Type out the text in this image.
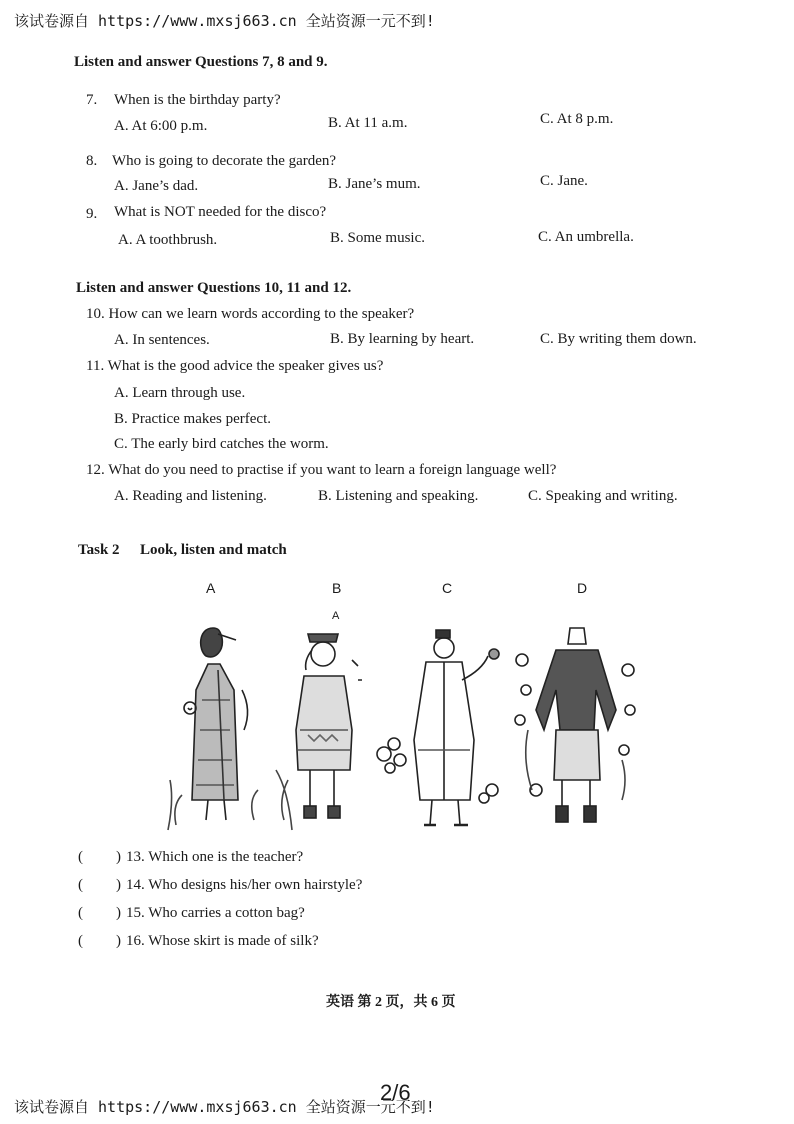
该试卷源自 https://www.mxsj663.cn 全站资源一元不到!
Listen and answer Questions 7, 8 and 9.
7. When is the birthday party?
A. At 6:00 p.m.	B. At 11 a.m.	C. At 8 p.m.
8. Who is going to decorate the garden?
A. Jane’s dad.	B. Jane’s mum.	C. Jane.
9. What is NOT needed for the disco?
A. A toothbrush.	B. Some music.	C. An umbrella.
Listen and answer Questions 10, 11 and 12.
10. How can we learn words according to the speaker?
A. In sentences.	B. By learning by heart.	C. By writing them down.
11. What is the good advice the speaker gives us?
A. Learn through use.
B. Practice makes perfect.
C. The early bird catches the worm.
12. What do you need to practise if you want to learn a foreign language well?
A. Reading and listening.	B. Listening and speaking.	C. Speaking and writing.
Task 2 Look, listen and match
A	B	C	D
A
( ) 13. Which one is the teacher?
( ) 14. Who designs his/her own hairstyle?
( ) 15. Who carries a cotton bag?
( ) 16. Whose skirt is made of silk?
英语 第 2 页，共 6 页
2/6
该试卷源自 https://www.mxsj663.cn 全站资源一元不到!
